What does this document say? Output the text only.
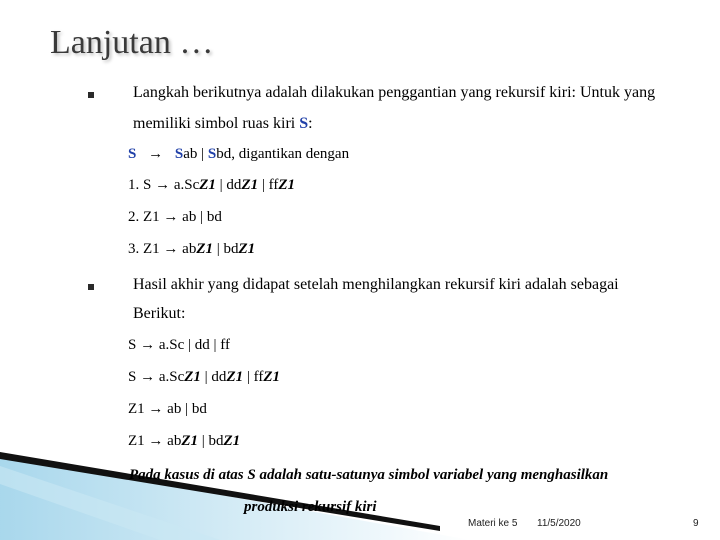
Lanjutan …
Langkah berikutnya adalah dilakukan penggantian yang rekursif kiri: Untuk yang
memiliki simbol ruas kiri S:
S → Sab | Sbd, digantikan dengan
1. S → a.ScZ1 | ddZ1 | ffZ1
2. Z1 → ab | bd
3. Z1 → abZ1 | bdZ1
Hasil akhir yang didapat setelah menghilangkan rekursif kiri adalah sebagai
Berikut:
S → a.Sc | dd | ff
S → a.ScZ1 | ddZ1 | ffZ1
Z1 → ab | bd
Z1 → abZ1 | bdZ1
Pada kasus di atas S adalah satu-satunya simbol variabel yang menghasilkan
produksi rekursif kiri
Materi ke 5 11/5/2020	9
